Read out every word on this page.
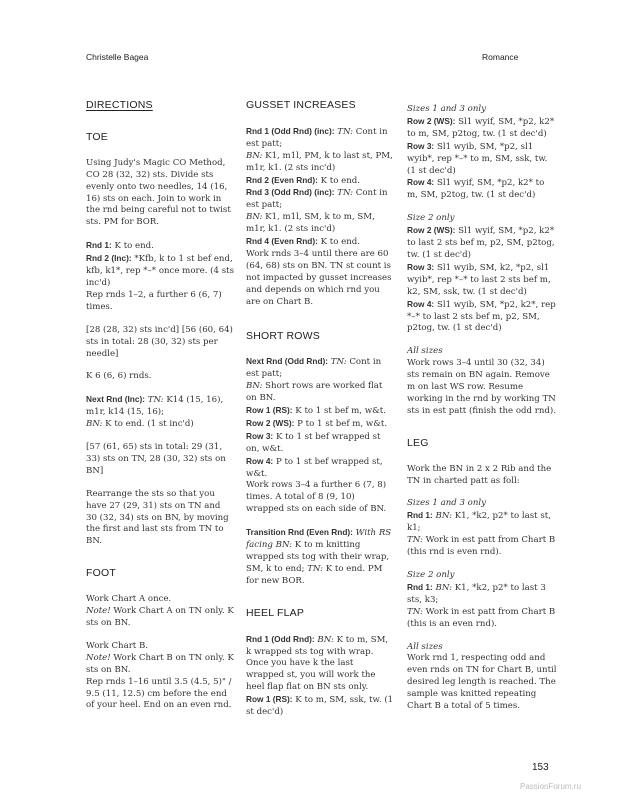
Christelle Bagea	Romance
DIRECTIONS
TOE

Using Judy's Magic CO Method, CO 28 (32, 32) sts. Divide sts evenly onto two needles, 14 (16, 16) sts on each. Join to work in the rnd being careful not to twist sts. PM for BOR.

Rnd 1: K to end.
Rnd 2 (Inc): *Kfb, k to 1 st bef end, kfb, k1*, rep *–* once more. (4 sts inc'd)

Rep rnds 1–2, a further 6 (6, 7) times.

[28 (28, 32) sts inc'd] [56 (60, 64) sts in total: 28 (30, 32) sts per needle]

K 6 (6, 6) rnds.

Next Rnd (Inc): TN: K14 (15, 16), m1r, k14 (15, 16);

BN: K to end. (1 st inc'd)

[57 (61, 65) sts in total: 29 (31, 33) sts on TN, 28 (30, 32) sts on BN]

Rearrange the sts so that you have 27 (29, 31) sts on TN and 30 (32, 34) sts on BN, by moving the first and last sts from TN to BN.

FOOT
Work Chart A once.

Note! Work Chart A on TN only. K sts on BN.

Work Chart B.
Note! Work Chart B on TN only. K sts on BN.

Rep rnds 1–16 until 3.5 (4.5, 5)" / 9.5 (11, 12.5) cm before the end of your heel. End on an even rnd.

GUSSET INCREASES
Rnd 1 (Odd Rnd) (inc): TN: Cont in est patt;
BN: K1, m1l, PM, k to last st, PM, m1r, k1. (2 sts inc'd)
Rnd 2 (Even Rnd): K to end.
Rnd 3 (Odd Rnd) (inc): TN: Cont in est patt;
BN: K1, m1l, SM, k to m, SM, m1r, k1. (2 sts inc'd)
Rnd 4 (Even Rnd): K to end.

Work rnds 3–4 until there are 60 (64, 68) sts on BN. TN st count is not impacted by gusset increases and depends on which rnd you are on Chart B.

SHORT ROWS
Next Rnd (Odd Rnd): TN: Cont in est patt;
BN: Short rows are worked flat on BN.
Row 1 (RS): K to 1 st bef m, w&t.
Row 2 (WS): P to 1 st bef m, w&t.
Row 3: K to 1 st bef wrapped st on, w&t.
Row 4: P to 1 st bef wrapped st, w&t.

Work rows 3–4 a further 6 (7, 8) times. A total of 8 (9, 10) wrapped sts on each side of BN.

Transition Rnd (Even Rnd): With RS facing BN: K to m knitting wrapped sts tog with their wrap, SM, k to end; TN: K to end. PM for new BOR.

HEEL FLAP
Rnd 1 (Odd Rnd): BN: K to m, SM, k wrapped sts tog with wrap. Once you have k the last wrapped st, you will work the heel flap flat on BN sts only.
Row 1 (RS): K to m, SM, ssk, tw. (1 st dec'd)
Sizes 1 and 3 only
Row 2 (WS): Sl1 wyif, SM, *p2, k2* to m, SM, p2tog, tw. (1 st dec'd)
Row 3: Sl1 wyib, SM, *p2, sl1 wyib*, rep *–* to m, SM, ssk, tw. (1 st dec'd)

Row 4: Sl1 wyif, SM, *p2, k2* to m, SM, p2tog, tw. (1 st dec'd)

Size 2 only
Row 2 (WS): Sl1 wyif, SM, *p2, k2* to last 2 sts bef m, p2, SM, p2tog, tw. (1 st dec'd)
Row 3: Sl1 wyib, SM, k2, *p2, sl1 wyib*, rep *–* to last 2 sts bef m, k2, SM, ssk, tw. (1 st dec'd)

Row 4: Sl1 wyib, SM, *p2, k2*, rep *–* to last 2 sts bef m, p2, SM, p2tog, tw. (1 st dec'd)

All sizes

Work rows 3–4 until 30 (32, 34) sts remain on BN again. Remove m on last WS row. Resume working in the rnd by working TN sts in est patt (finish the odd rnd).

LEG

Work the BN in 2 x 2 Rib and the TN in charted patt as foll:

Sizes 1 and 3 only
Rnd 1: BN: K1, *k2, p2* to last st, k1;

TN: Work in est patt from Chart B (this rnd is even rnd).

Size 2 only
Rnd 1: BN: K1, *k2, p2* to last 3 sts, k3;

TN: Work in est patt from Chart B (this is an even rnd).

All sizes

Work rnd 1, respecting odd and even rnds on TN for Chart B, until desired leg length is reached. The sample was knitted repeating Chart B a total of 5 times.

153
PassionForum.ru
